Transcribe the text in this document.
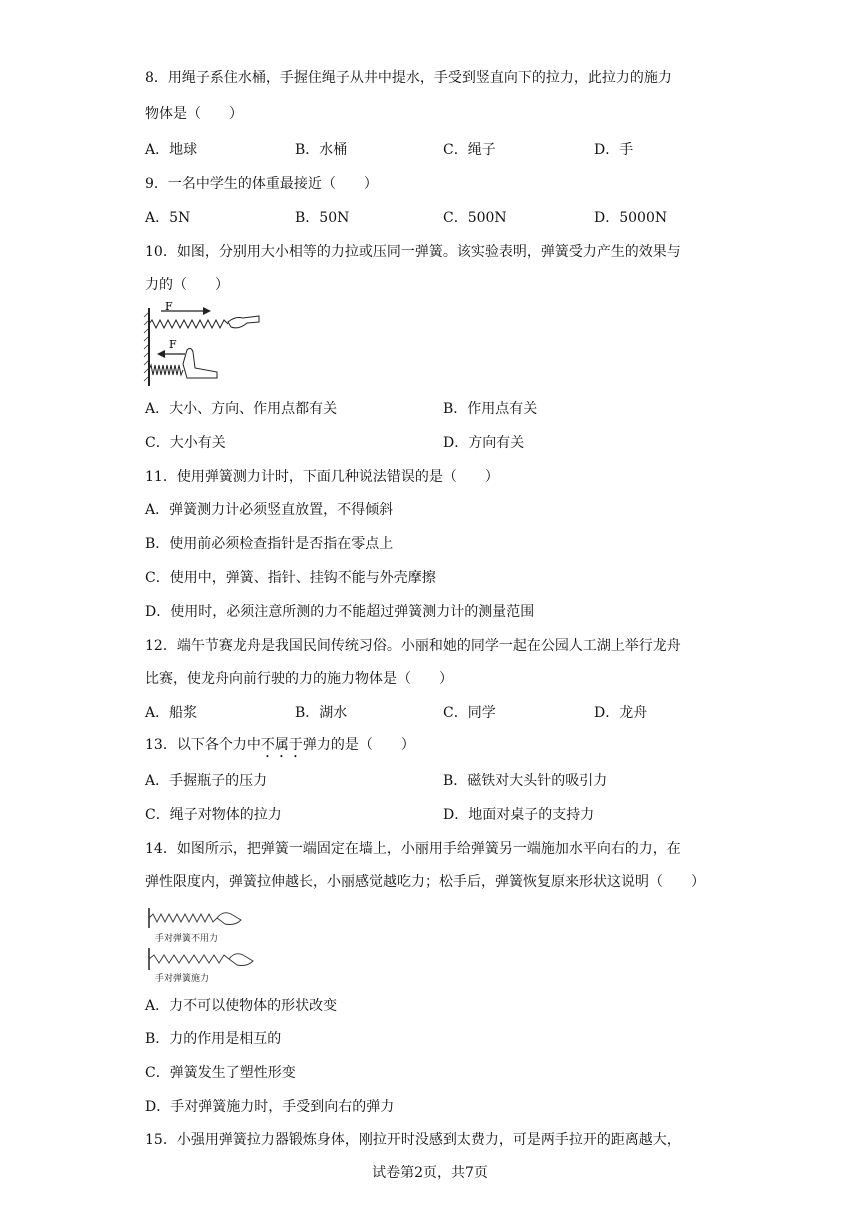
8．用绳子系住水桶，手握住绳子从井中提水，手受到竖直向下的拉力，此拉力的施力
物体是（　　）
A．地球	B．水桶	C．绳子	D．手
9．一名中学生的体重最接近（　　）
A．5N	B．50N	C．500N	D．5000N
10．如图，分别用大小相等的力拉或压同一弹簧。该实验表明，弹簧受力产生的效果与
力的（　　）
F
F
A．大小、方向、作用点都有关	B．作用点有关
C．大小有关	D．方向有关
11．使用弹簧测力计时，下面几种说法错误的是（　　）
A．弹簧测力计必须竖直放置，不得倾斜
B．使用前必须检查指针是否指在零点上
C．使用中，弹簧、指针、挂钩不能与外壳摩擦
D．使用时，必须注意所测的力不能超过弹簧测力计的测量范围
12．端午节赛龙舟是我国民间传统习俗。小丽和她的同学一起在公园人工湖上举行龙舟
比赛，使龙舟向前行驶的力的施力物体是（　　）
A．船浆	B．湖水	C．同学	D．龙舟
13．以下各个力中不属于弹力的是（　　）
A．手握瓶子的压力	B．磁铁对大头针的吸引力
C．绳子对物体的拉力	D．地面对桌子的支持力
14．如图所示，把弹簧一端固定在墙上，小丽用手给弹簧另一端施加水平向右的力，在
弹性限度内，弹簧拉伸越长，小丽感觉越吃力；松手后，弹簧恢复原来形状这说明（　　）
手对弹簧不用力
手对弹簧施力
A．力不可以使物体的形状改变
B．力的作用是相互的
C．弹簧发生了塑性形变
D．手对弹簧施力时，手受到向右的弹力
15．小强用弹簧拉力器锻炼身体，刚拉开时没感到太费力，可是两手拉开的距离越大，
试卷第2页，共7页
